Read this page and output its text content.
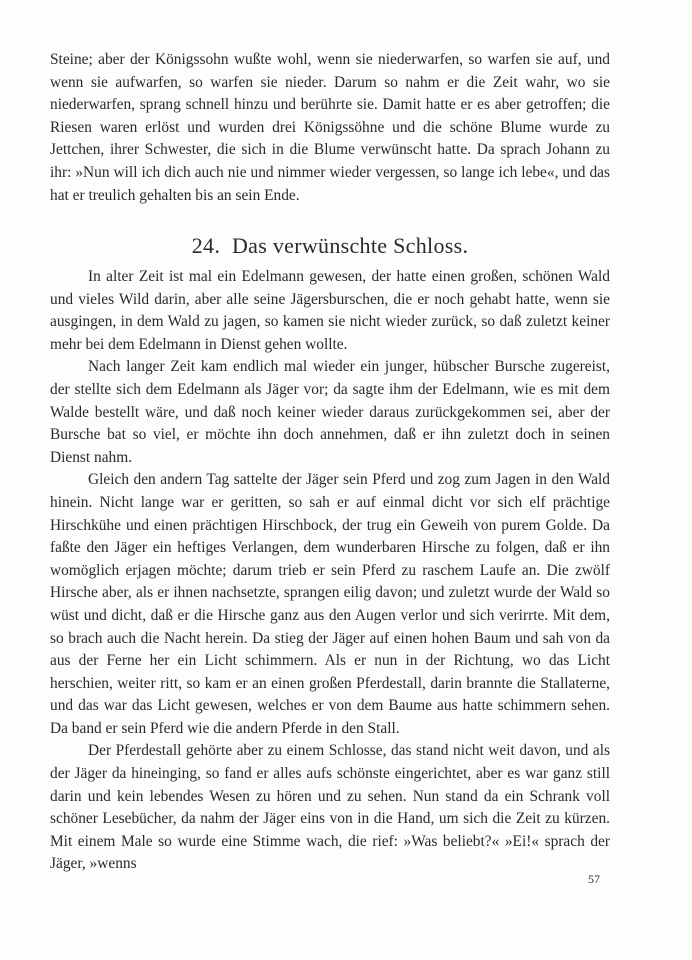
Steine; aber der Königssohn wußte wohl, wenn sie niederwarfen, so warfen sie auf, und wenn sie aufwarfen, so warfen sie nieder. Darum so nahm er die Zeit wahr, wo sie niederwarfen, sprang schnell hinzu und berührte sie. Damit hatte er es aber getroffen; die Riesen waren erlöst und wurden drei Königssöhne und die schöne Blume wurde zu Jettchen, ihrer Schwester, die sich in die Blume verwünscht hatte. Da sprach Johann zu ihr: »Nun will ich dich auch nie und nimmer wieder vergessen, so lange ich lebe«, und das hat er treulich gehalten bis an sein Ende.

24. Das verwünschte Schloss.

In alter Zeit ist mal ein Edelmann gewesen, der hatte einen großen, schönen Wald und vieles Wild darin, aber alle seine Jägersburschen, die er noch gehabt hatte, wenn sie ausgingen, in dem Wald zu jagen, so kamen sie nicht wieder zurück, so daß zuletzt keiner mehr bei dem Edelmann in Dienst gehen wollte.

Nach langer Zeit kam endlich mal wieder ein junger, hübscher Bursche zugereist, der stellte sich dem Edelmann als Jäger vor; da sagte ihm der Edelmann, wie es mit dem Walde bestellt wäre, und daß noch keiner wieder daraus zurückgekommen sei, aber der Bursche bat so viel, er möchte ihn doch annehmen, daß er ihn zuletzt doch in seinen Dienst nahm.

Gleich den andern Tag sattelte der Jäger sein Pferd und zog zum Jagen in den Wald hinein. Nicht lange war er geritten, so sah er auf einmal dicht vor sich elf prächtige Hirschkühe und einen prächtigen Hirschbock, der trug ein Geweih von purem Golde. Da faßte den Jäger ein heftiges Verlangen, dem wunderbaren Hirsche zu folgen, daß er ihn womöglich erjagen möchte; darum trieb er sein Pferd zu raschem Laufe an. Die zwölf Hirsche aber, als er ihnen nachsetzte, sprangen eilig davon; und zuletzt wurde der Wald so wüst und dicht, daß er die Hirsche ganz aus den Augen verlor und sich verirrte. Mit dem, so brach auch die Nacht herein. Da stieg der Jäger auf einen hohen Baum und sah von da aus der Ferne her ein Licht schimmern. Als er nun in der Richtung, wo das Licht herschien, weiter ritt, so kam er an einen großen Pferdestall, darin brannte die Stallaterne, und das war das Licht gewesen, welches er von dem Baume aus hatte schimmern sehen. Da band er sein Pferd wie die andern Pferde in den Stall.

Der Pferdestall gehörte aber zu einem Schlosse, das stand nicht weit davon, und als der Jäger da hineinging, so fand er alles aufs schönste eingerichtet, aber es war ganz still darin und kein lebendes Wesen zu hören und zu sehen. Nun stand da ein Schrank voll schöner Lesebücher, da nahm der Jäger eins von in die Hand, um sich die Zeit zu kürzen. Mit einem Male so wurde eine Stimme wach, die rief: »Was beliebt?« »Ei!« sprach der Jäger, »wenns

57
